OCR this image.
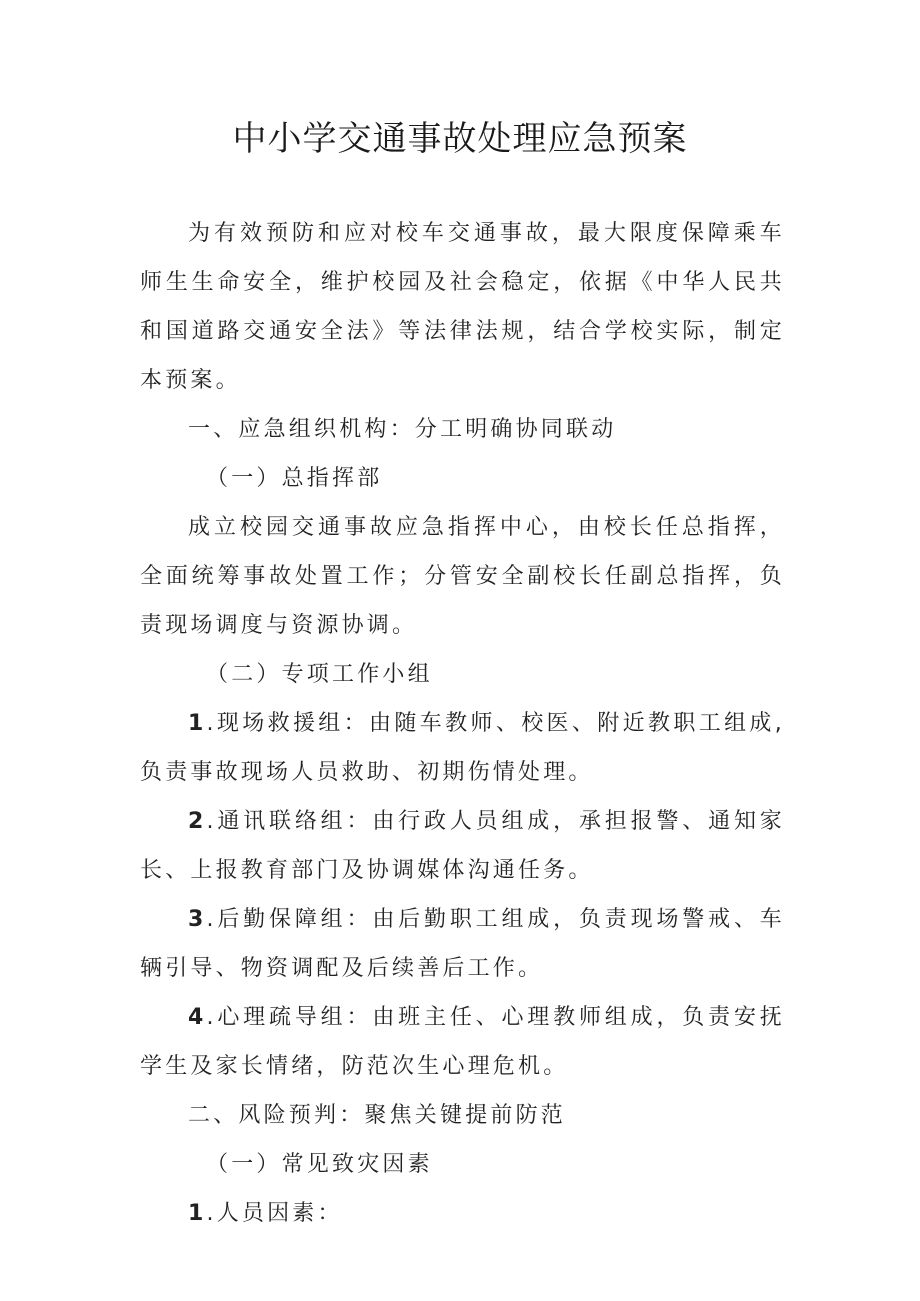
中小学交通事故处理应急预案

为有效预防和应对校车交通事故，最大限度保障乘车师生生命安全，维护校园及社会稳定，依据《中华人民共和国道路交通安全法》等法律法规，结合学校实际，制定本预案。

一、应急组织机构：分工明确协同联动

（一）总指挥部

成立校园交通事故应急指挥中心，由校长任总指挥，全面统筹事故处置工作；分管安全副校长任副总指挥，负责现场调度与资源协调。

（二）专项工作小组

1.现场救援组：由随车教师、校医、附近教职工组成,负责事故现场人员救助、初期伤情处理。

2.通讯联络组：由行政人员组成，承担报警、通知家长、上报教育部门及协调媒体沟通任务。

3.后勤保障组：由后勤职工组成，负责现场警戒、车辆引导、物资调配及后续善后工作。

4.心理疏导组：由班主任、心理教师组成，负责安抚学生及家长情绪，防范次生心理危机。

二、风险预判：聚焦关键提前防范

（一）常见致灾因素

1.人员因素：
